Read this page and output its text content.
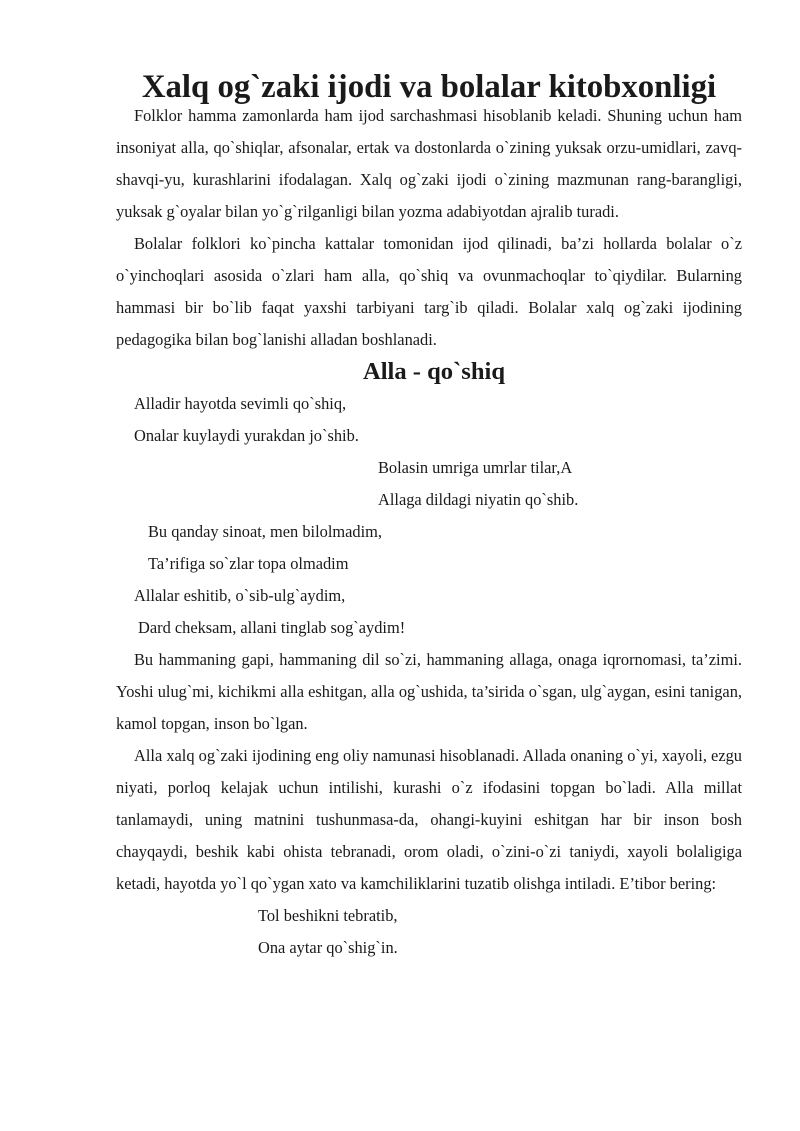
Xalq og`zaki ijodi va bolalar kitobxonligi

Folklor hamma zamonlarda ham ijod sarchashmasi hisoblanib keladi. Shuning uchun ham insoniyat alla, qo`shiqlar, afsonalar, ertak va dostonlarda o`zining yuksak orzu-umidlari, zavq-shavqi-yu, kurashlarini ifodalagan. Xalq og`zaki ijodi o`zining mazmunan rang-barangligi, yuksak g`oyalar bilan yo`g`rilganligi bilan yozma adabiyotdan ajralib turadi.

Bolalar folklori ko`pincha kattalar tomonidan ijod qilinadi, ba’zi hollarda bolalar o`z o`yinchoqlari asosida o`zlari ham alla, qo`shiq va ovunmachoqlar to`qiydilar. Bularning hammasi bir bo`lib faqat yaxshi tarbiyani targ`ib qiladi. Bolalar xalq og`zaki ijodining pedagogika bilan bog`lanishi alladan boshlanadi.

Alla - qo`shiq

Alladir hayotda sevimli qo`shiq,

Onalar kuylaydi yurakdan jo`shib.

Bolasin umriga umrlar tilar,A

Allaga dildagi niyatin qo`shib.

Bu qanday sinoat, men bilolmadim,

Ta’rifiga so`zlar topa olmadim

Allalar eshitib, o`sib-ulg`aydim,

Dard cheksam, allani tinglab sog`aydim!

Bu hammaning gapi, hammaning dil so`zi, hammaning allaga, onaga iqrornomasi, ta’zimi. Yoshi ulug`mi, kichikmi alla eshitgan, alla og`ushida, ta’sirida o`sgan, ulg`aygan, esini tanigan, kamol topgan, inson bo`lgan.

Alla xalq og`zaki ijodining eng oliy namunasi hisoblanadi. Allada onaning o`yi, xayoli, ezgu niyati, porloq kelajak uchun intilishi, kurashi o`z ifodasini topgan bo`ladi. Alla millat tanlamaydi, uning matnini tushunmasa-da, ohangi-kuyini eshitgan har bir inson bosh chayqaydi, beshik kabi ohista tebranadi, orom oladi, o`zini-o`zi taniydi, xayoli bolaligiga ketadi, hayotda yo`l qo`ygan xato va kamchiliklarini tuzatib olishga intiladi. E’tibor bering:

Tol beshikni tebratib,

Ona aytar qo`shig`in.
